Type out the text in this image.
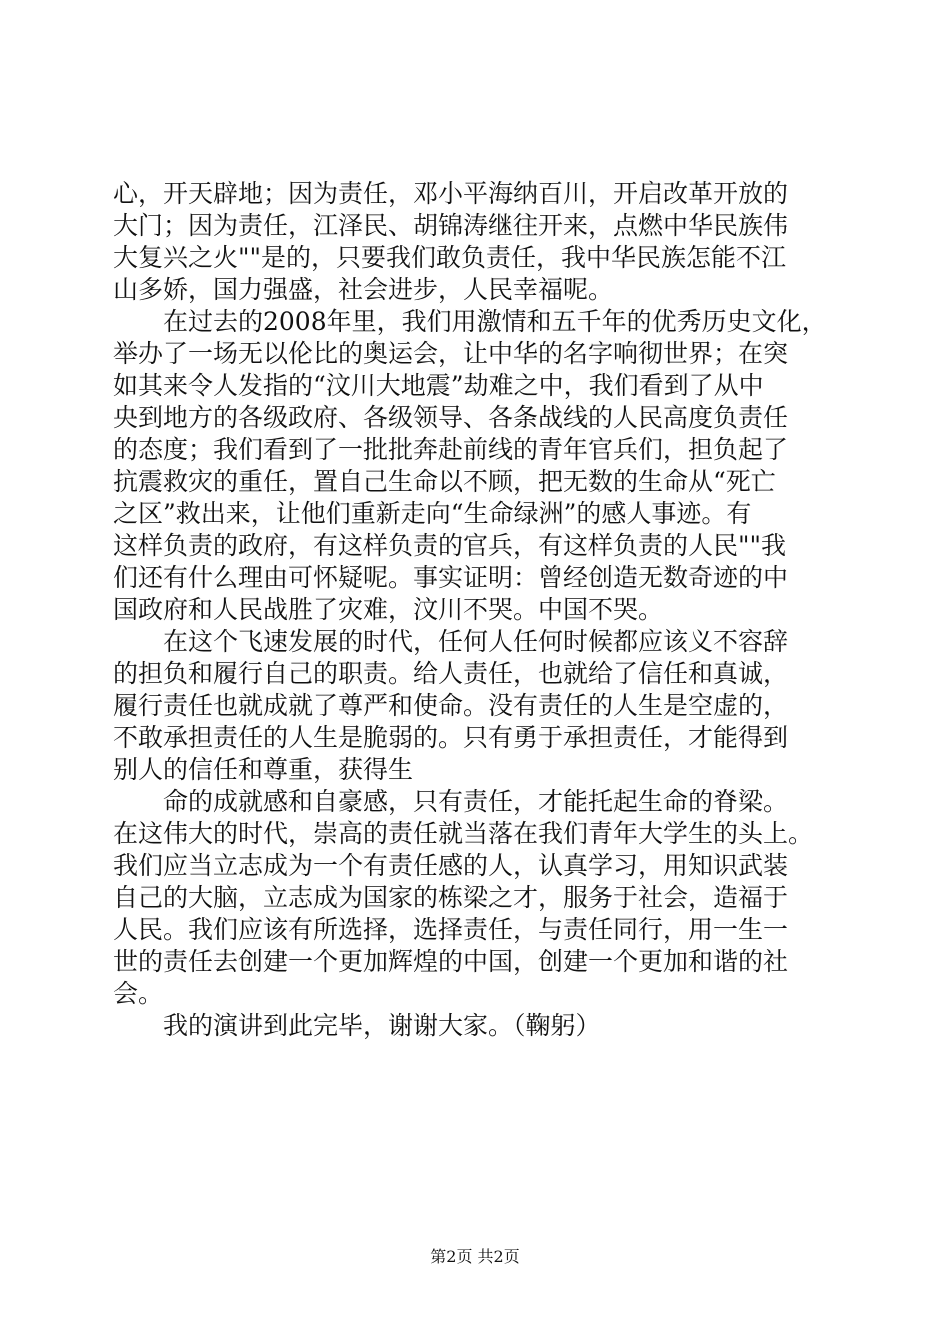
心，开天辟地；因为责任，邓小平海纳百川，开启改革开放的
大门；因为责任，江泽民、胡锦涛继往开来，点燃中华民族伟
大复兴之火""是的，只要我们敢负责任，我中华民族怎能不江
山多娇，国力强盛，社会进步，人民幸福呢。
　　在过去的2008年里，我们用激情和五千年的优秀历史文化，
举办了一场无以伦比的奥运会，让中华的名字响彻世界；在突
如其来令人发指的“汶川大地震”劫难之中，我们看到了从中
央到地方的各级政府、各级领导、各条战线的人民高度负责任
的态度；我们看到了一批批奔赴前线的青年官兵们，担负起了
抗震救灾的重任，置自己生命以不顾，把无数的生命从“死亡
之区”救出来，让他们重新走向“生命绿洲”的感人事迹。有
这样负责的政府，有这样负责的官兵，有这样负责的人民""我
们还有什么理由可怀疑呢。事实证明：曾经创造无数奇迹的中
国政府和人民战胜了灾难，汶川不哭。中国不哭。
　　在这个飞速发展的时代，任何人任何时候都应该义不容辞
的担负和履行自己的职责。给人责任，也就给了信任和真诚，
履行责任也就成就了尊严和使命。没有责任的人生是空虚的，
不敢承担责任的人生是脆弱的。只有勇于承担责任，才能得到
别人的信任和尊重，获得生
　　命的成就感和自豪感，只有责任，才能托起生命的脊梁。
在这伟大的时代，崇高的责任就当落在我们青年大学生的头上。
我们应当立志成为一个有责任感的人，认真学习，用知识武装
自己的大脑，立志成为国家的栋梁之才，服务于社会，造福于
人民。我们应该有所选择，选择责任，与责任同行，用一生一
世的责任去创建一个更加辉煌的中国，创建一个更加和谐的社
会。
　　我的演讲到此完毕，谢谢大家。（鞠躬）
第2页 共2页
